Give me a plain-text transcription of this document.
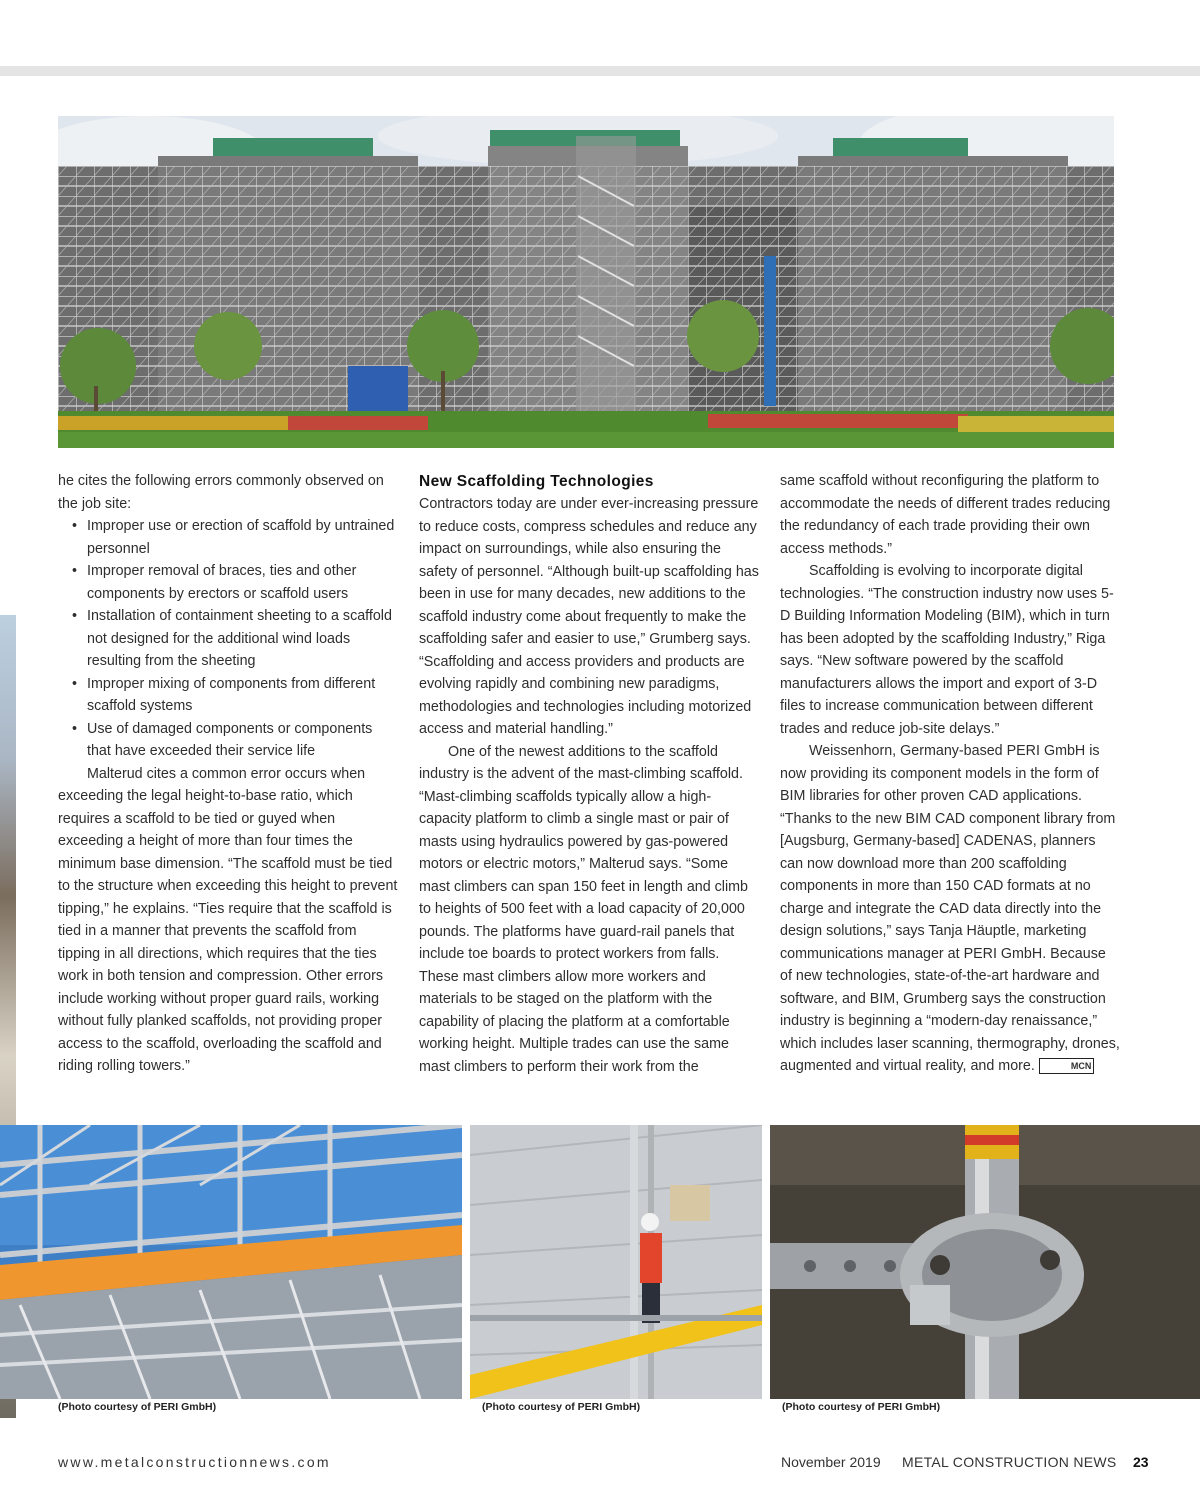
he cites the following errors commonly observed on the job site:

• Improper use or erection of scaffold by untrained personnel
• Improper removal of braces, ties and other components by erectors or scaffold users
• Installation of containment sheeting to a scaffold not designed for the additional wind loads resulting from the sheeting
• Improper mixing of components from different scaffold systems
• Use of damaged components or components that have exceeded their service life

Malterud cites a common error occurs when exceeding the legal height-to-base ratio, which requires a scaffold to be tied or guyed when exceeding a height of more than four times the minimum base dimension. “The scaffold must be tied to the structure when exceeding this height to prevent tipping,” he explains. “Ties require that the scaffold is tied in a manner that prevents the scaffold from tipping in all directions, which requires that the ties work in both tension and compression. Other errors include working without proper guard rails, working without fully planked scaffolds, not providing proper access to the scaffold, overloading the scaffold and riding rolling towers.”

New Scaffolding Technologies

Contractors today are under ever-increasing pressure to reduce costs, compress schedules and reduce any impact on surroundings, while also ensuring the safety of personnel. “Although built-up scaffolding has been in use for many decades, new additions to the scaffold industry come about frequently to make the scaffolding safer and easier to use,” Grumberg says. “Scaffolding and access providers and products are evolving rapidly and combining new paradigms, methodologies and technologies including motorized access and material handling.”

One of the newest additions to the scaffold industry is the advent of the mast-climbing scaffold. “Mast-climbing scaffolds typically allow a high-capacity platform to climb a single mast or pair of masts using hydraulics powered by gas-powered motors or electric motors,” Malterud says. “Some mast climbers can span 150 feet in length and climb to heights of 500 feet with a load capacity of 20,000 pounds. The platforms have guard-rail panels that include toe boards to protect workers from falls. These mast climbers allow more workers and materials to be staged on the platform with the capability of placing the platform at a comfortable working height. Multiple trades can use the same mast climbers to perform their work from the

same scaffold without reconfiguring the platform to accommodate the needs of different trades reducing the redundancy of each trade providing their own access methods.”

Scaffolding is evolving to incorporate digital technologies. “The construction industry now uses 5-D Building Information Modeling (BIM), which in turn has been adopted by the scaffolding Industry,” Riga says. “New software powered by the scaffold manufacturers allows the import and export of 3-D files to increase communication between different trades and reduce job-site delays.”

Weissenhorn, Germany-based PERI GmbH is now providing its component models in the form of BIM libraries for other proven CAD applications. “Thanks to the new BIM CAD component library from [Augsburg, Germany-based] CADENAS, planners can now download more than 200 scaffolding components in more than 150 CAD formats at no charge and integrate the CAD data directly into the design solutions,” says Tanja Häuptle, marketing communications manager at PERI GmbH. Because of new technologies, state-of-the-art hardware and software, and BIM, Grumberg says the construction industry is beginning a “modern-day renaissance,” which includes laser scanning, thermography, drones, augmented and virtual reality, and more.	MCN

(Photo courtesy of PERI GmbH)	(Photo courtesy of PERI GmbH)	(Photo courtesy of PERI GmbH)
www.metalconstructionnews.com	November 2019 METAL CONSTRUCTION NEWS 23
